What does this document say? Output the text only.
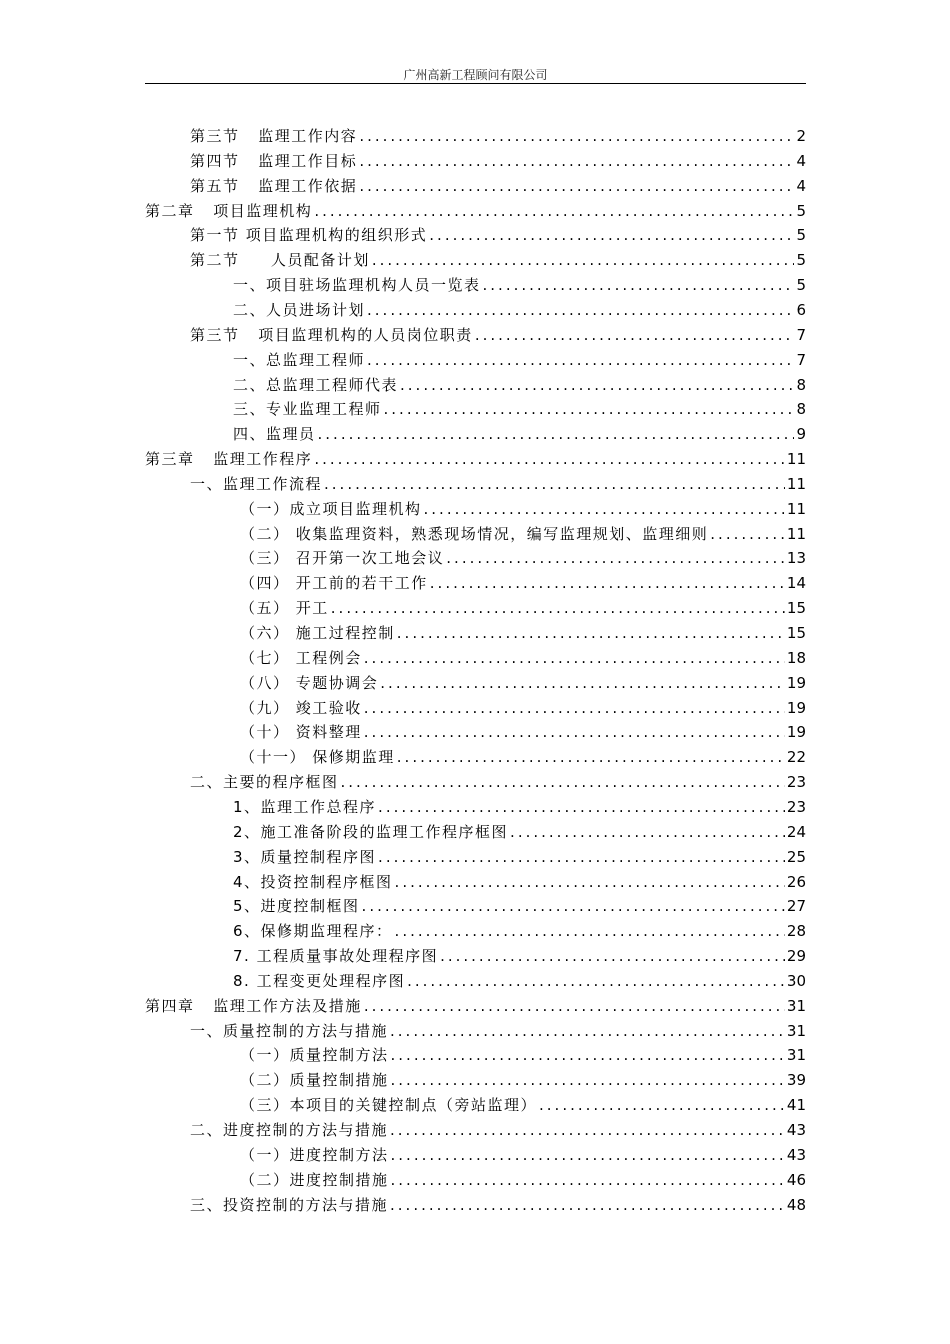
广州高新工程顾问有限公司
第三节   监理工作内容 .....	2
第四节   监理工作目标 .....	4
第五节   监理工作依据 .....	4
第二章   项目监理机构 .....	5
第一节 项目监理机构的组织形式 .....	5
第二节     人员配备计划 .....	5
一、项目驻场监理机构人员一览表 .....	5
二、人员进场计划 .....	6
第三节   项目监理机构的人员岗位职责 .....	7
一、总监理工程师 .....	7
二、总监理工程师代表 .....	8
三、专业监理工程师 .....	8
四、监理员 .....	9
第三章   监理工作程序 .....	11
一、监理工作流程 .....	11
（一）成立项目监理机构 .....	11
（二） 收集监理资料，熟悉现场情况，编写监理规划、监理细则 .....	11
（三） 召开第一次工地会议 .....	13
（四） 开工前的若干工作 .....	14
（五） 开工 .....	15
（六） 施工过程控制 .....	15
（七） 工程例会 .....	18
（八） 专题协调会 .....	19
（九） 竣工验收 .....	19
（十） 资料整理 .....	19
（十一） 保修期监理 .....	22
二、主要的程序框图 .....	23
1、监理工作总程序 .....	23
2、施工准备阶段的监理工作程序框图 .....	24
3、质量控制程序图 .....	25
4、投资控制程序框图 .....	26
5、进度控制框图 .....	27
6、保修期监理程序： .....	28
7. 工程质量事故处理程序图 .....	29
8. 工程变更处理程序图 .....	30
第四章   监理工作方法及措施 .....	31
一、质量控制的方法与措施 .....	31
（一）质量控制方法 .....	31
（二）质量控制措施 .....	39
（三）本项目的关键控制点（旁站监理） .....	41
二、进度控制的方法与措施 .....	43
（一）进度控制方法 .....	43
（二）进度控制措施 .....	46
三、投资控制的方法与措施 .....	48
